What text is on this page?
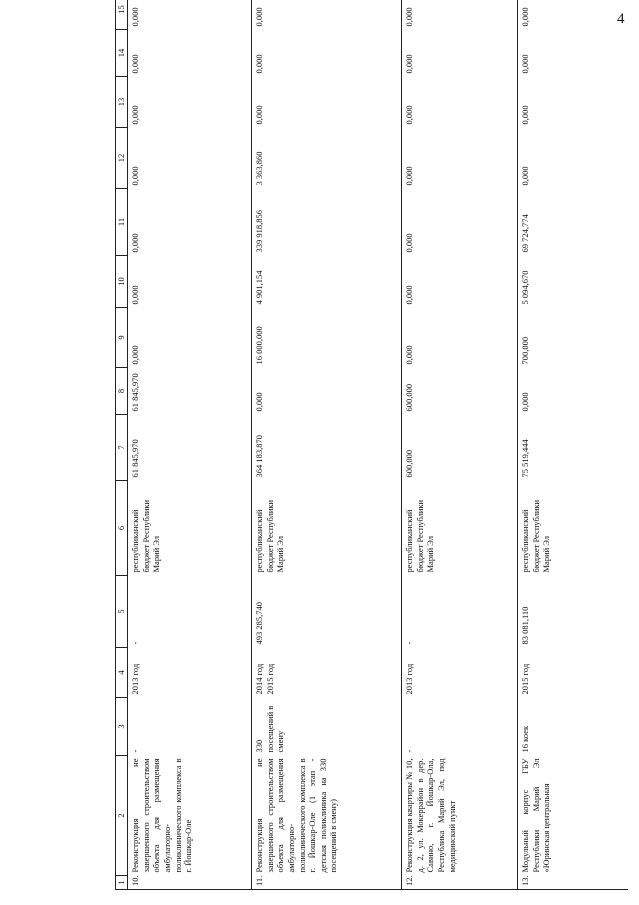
4
1	2	3	4	5	6	7	8	9	10	11	12	13	14	15
10.	Реконструкция не завершенного строительством объекта для размещения амбулаторно-поликлинического комплекса в г. Йошкар-Оле	-	2013 год	-	республиканский бюджет Республики Марий Эл	61 845,970	61 845,970	0,000	0,000	0,000	0,000	0,000	0,000	0,000
11.	Реконструкция не завершенного строительством объекта для размещения амбулаторно-поликлинического комплекса в г. Йошкар-Оле (1 этап - детская поликлиника на 330 посещений в смену)	330 посещений в смену	2014 год 2015 год	493 285,740	республиканский бюджет Республики Марий Эл	364 183,870	0,000	16 000,000	4 901,154	339 918,856	3 363,860	0,000	0,000	0,000
12.	Реконструкция квартиры № 10, д. 2, ул. Мокеррайон в дер. Савино, г. Йошкар-Ола, Республика Марий Эл, под медицинский пункт	-	2013 год	-	республиканский бюджет Республики Марий Эл	600,000	600,000	0,000	0,000	0,000	0,000	0,000	0,000	0,000
13.	Модульный корпус ГБУ Республики Марий Эл «Юринская центральная	16 коек	2015 год	83 081,110	республиканский бюджет Республики Марий Эл	75 519,444	0,000	700,000	5 094,670	69 724,774	0,000	0,000	0,000	0,000
